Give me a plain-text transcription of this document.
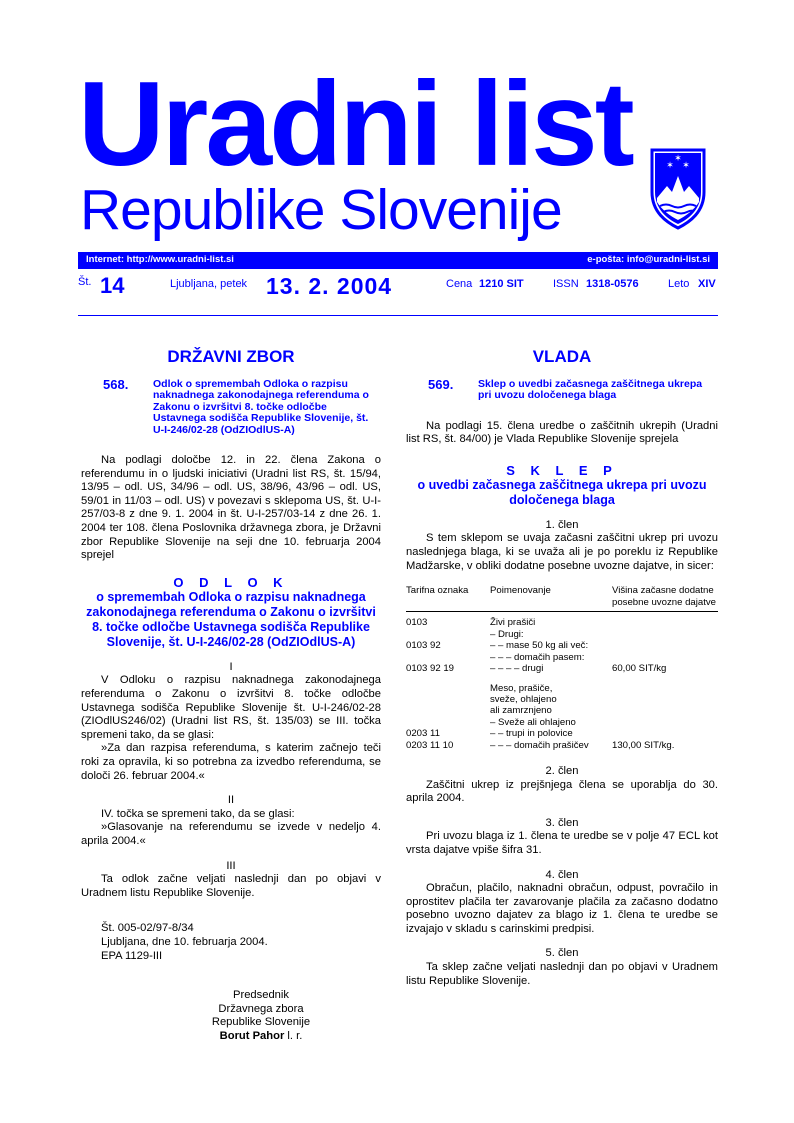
Uradni list
Republike Slovenije
✶ ✶
✶
Internet: http://www.uradni-list.si	e-pošta: info@uradni-list.si
Št. 14	Ljubljana, petek 13. 2. 2004	Cena 1210 SIT	ISSN 1318-0576	Leto XIV
DRŽAVNI ZBOR
568.	Odlok o spremembah Odloka o razpisu naknadnega zakonodajnega referenduma o Zakonu o izvršitvi 8. točke odločbe Ustavnega sodišča Republike Slovenije, št. U-I-246/02-28 (OdZIOdlUS-A)

Na podlagi določbe 12. in 22. člena Zakona o referendumu in o ljudski iniciativi (Uradni list RS, št. 15/94, 13/95 – odl. US, 34/96 – odl. US, 38/96, 43/96 – odl. US, 59/01 in 11/03 – odl. US) v povezavi s sklepoma US, št. U-I-257/03-8 z dne 9. 1. 2004 in št. U-I-257/03-14 z dne 26. 1. 2004 ter 108. člena Poslovnika državnega zbora, je Državni zbor Republike Slovenije na seji dne 10. februarja 2004 sprejel

O D L O K
o spremembah Odloka o razpisu naknadnega zakonodajnega referenduma o Zakonu o izvršitvi 8. točke odločbe Ustavnega sodišča Republike Slovenije, št. U-I-246/02-28 (OdZIOdlUS-A)
I

V Odloku o razpisu naknadnega zakonodajnega referenduma o Zakonu o izvršitvi 8. točke odločbe Ustavnega sodišča Republike Slovenije št. U-I-246/02-28 (ZIOdlUS246/02) (Uradni list RS, št. 135/03) se III. točka spremeni tako, da se glasi:

»Za dan razpisa referenduma, s katerim začnejo teči roki za opravila, ki so potrebna za izvedbo referenduma, se določi 26. februar 2004.«

II

IV. točka se spremeni tako, da se glasi:

»Glasovanje na referendumu se izvede v nedeljo 4. aprila 2004.«

III

Ta odlok začne veljati naslednji dan po objavi v Uradnem listu Republike Slovenije.

Št. 005-02/97-8/34
Ljubljana, dne 10. februarja 2004.
EPA 1129-III
Predsednik
Državnega zbora
Republike Slovenije
Borut Pahor l. r.
VLADA
569.	Sklep o uvedbi začasnega zaščitnega ukrepa pri uvozu določenega blaga

Na podlagi 15. člena uredbe o zaščitnih ukrepih (Uradni list RS, št. 84/00) je Vlada Republike Slovenije sprejela

S K L E P
o uvedbi začasnega zaščitnega ukrepa pri uvozu določenega blaga
1. člen

S tem sklepom se uvaja začasni zaščitni ukrep pri uvozu naslednjega blaga, ki se uvaža ali je po poreklu iz Republike Madžarske, v obliki dodatne posebne uvozne dajatve, in sicer:

Tarifna oznaka	Poimenovanje	Višina začasne dodatne posebne uvozne dajatve

0103	Živi prašiči	
	– Drugi:	
0103 92	– – mase 50 kg ali več:	
	– – – domačih pasem:	
0103 92 19	– – – – drugi	60,00 SIT/kg

	Meso, prašiče,	
	sveže, ohlajeno	
	ali zamrznjeno	
	– Sveže ali ohlajeno	
0203 11	– – trupi in polovice	
0203 11 10	– – – domačih prašičev	130,00 SIT/kg.
2. člen

Zaščitni ukrep iz prejšnjega člena se uporablja do 30. aprila 2004.

3. člen

Pri uvozu blaga iz 1. člena te uredbe se v polje 47 ECL kot vrsta dajatve vpiše šifra 31.

4. člen

Obračun, plačilo, naknadni obračun, odpust, povračilo in oprostitev plačila ter zavarovanje plačila za začasno dodatno posebno uvozno dajatev za blago iz 1. člena te uredbe se izvajajo v skladu s carinskimi predpisi.

5. člen

Ta sklep začne veljati naslednji dan po objavi v Uradnem listu Republike Slovenije.
